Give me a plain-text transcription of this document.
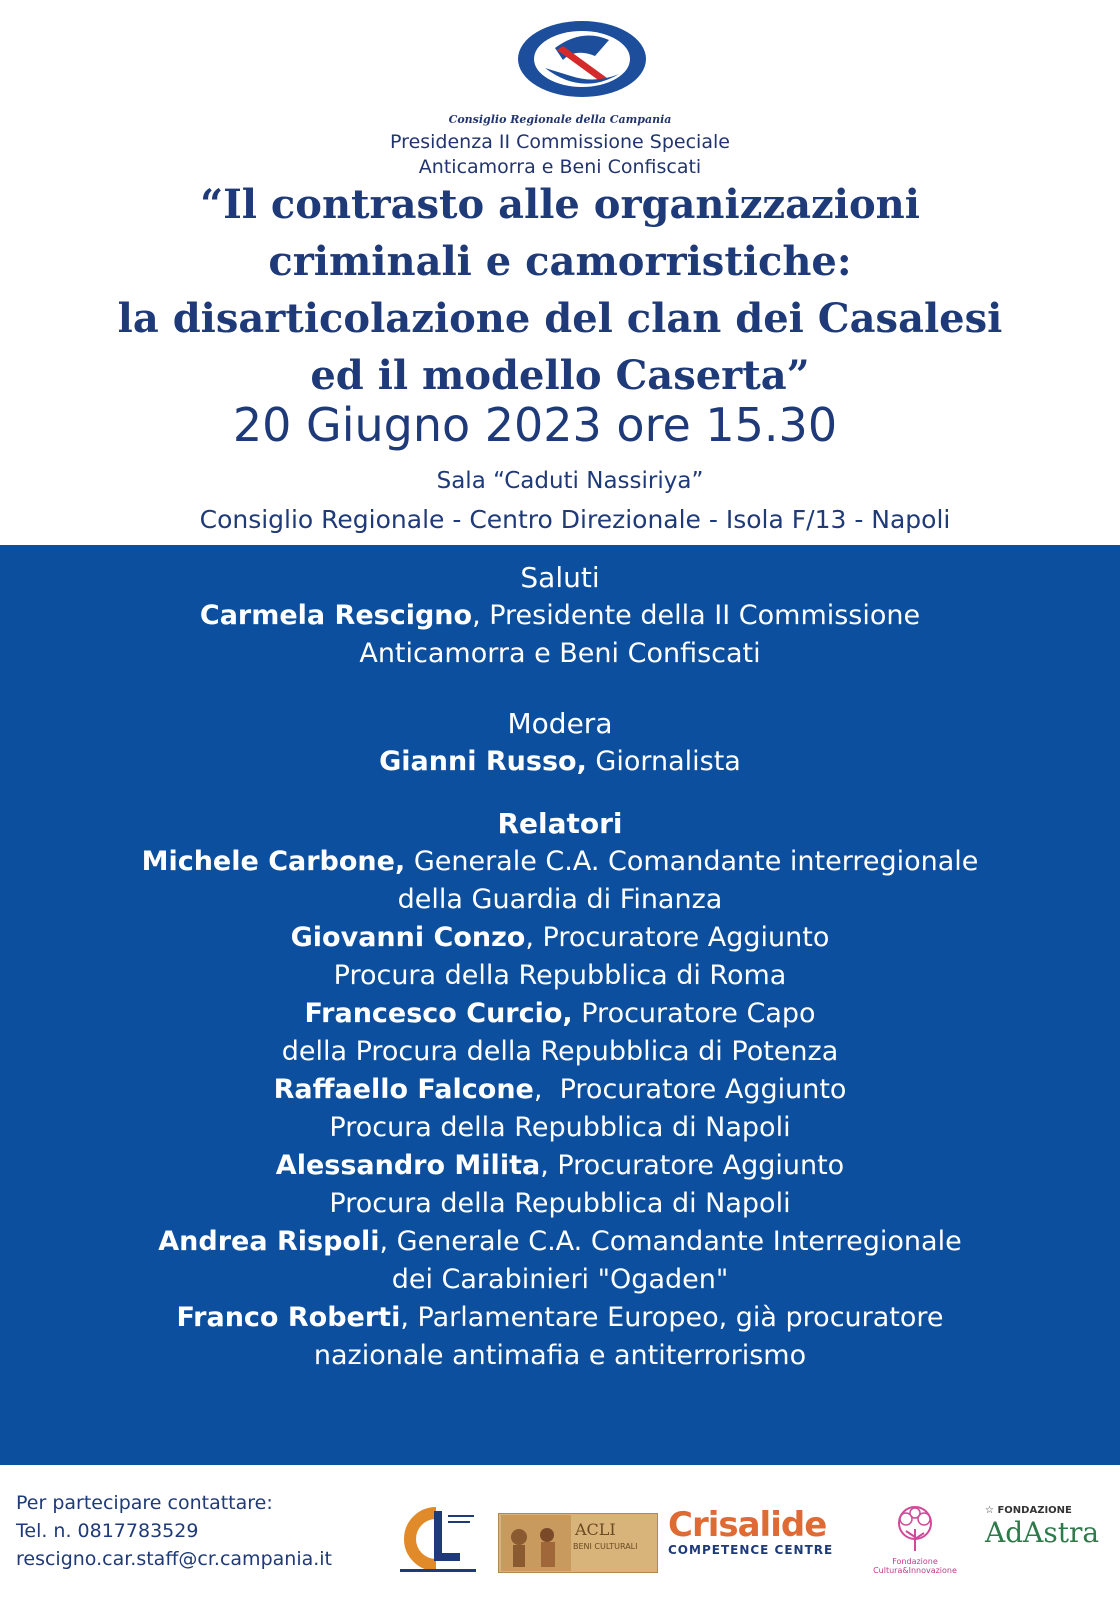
Consiglio Regionale della Campania
Presidenza II Commissione Speciale
Anticamorra e Beni Confiscati
“Il contrasto alle organizzazioni
criminali e camorristiche:
la disarticolazione del clan dei Casalesi
ed il modello Caserta”
20 Giugno 2023 ore 15.30
Sala “Caduti Nassiriya”
Consiglio Regionale - Centro Direzionale - Isola F/13 - Napoli

Saluti

Carmela Rescigno, Presidente della II Commissione

Anticamorra e Beni Confiscati

Modera

Gianni Russo, Giornalista

Relatori

Michele Carbone, Generale C.A. Comandante interregionale

della Guardia di Finanza

Giovanni Conzo, Procuratore Aggiunto

Procura della Repubblica di Roma

Francesco Curcio, Procuratore Capo

della Procura della Repubblica di Potenza

Raffaello Falcone,  Procuratore Aggiunto

Procura della Repubblica di Napoli

Alessandro Milita, Procuratore Aggiunto

Procura della Repubblica di Napoli

Andrea Rispoli, Generale C.A. Comandante Interregionale

dei Carabinieri "Ogaden"

Franco Roberti, Parlamentare Europeo, già procuratore

nazionale antimafia e antiterrorismo

Per partecipare contattare:
Tel. n. 0817783529
rescigno.car.staff@cr.campania.it
ACLI
BENI CULTURALI
Crisalide
COMPETENCE CENTRE
Fondazione Cultura&Innovazione
☆ FONDAZIONE
AdAstra
